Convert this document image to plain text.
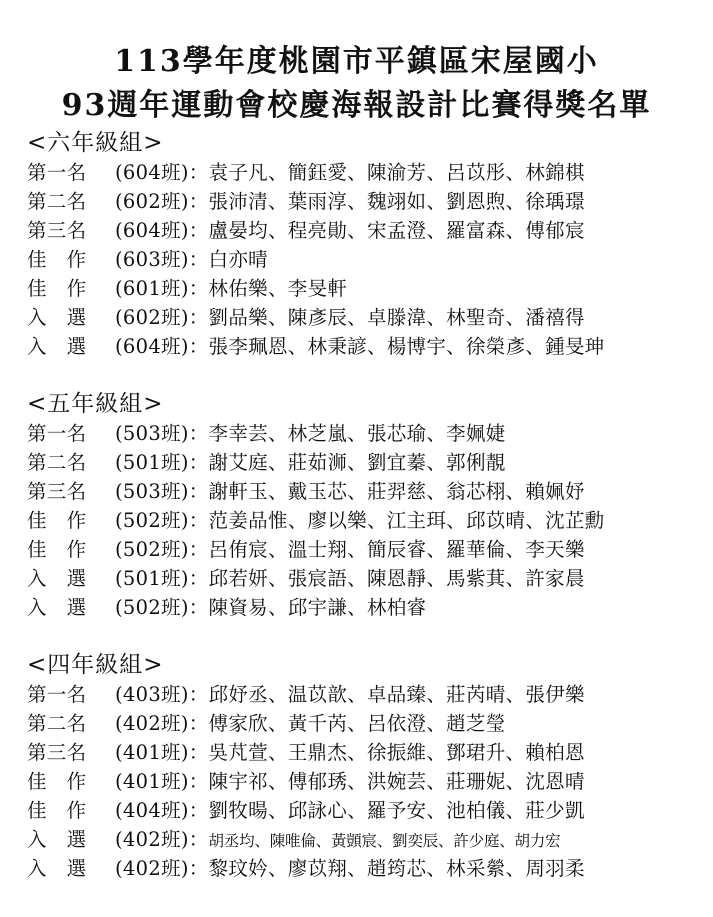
113學年度桃園市平鎮區宋屋國小
93週年運動會校慶海報設計比賽得獎名單
<六年級組>
第一名 (604班)：袁子凡、簡鈺愛、陳渝芳、呂苡彤、林錦棋
第二名 (602班)：張沛清、葉雨淳、魏翊如、劉恩煦、徐瑀璟
第三名 (604班)：盧晏均、程亮勛、宋孟澄、羅富森、傅郁宸
佳　作 (603班)：白亦晴
佳　作 (601班)：林佑樂、李旻軒
入　選 (602班)：劉品樂、陳彥辰、卓滕湋、林聖奇、潘禧得
入　選 (604班)：張李珮恩、林秉諺、楊博宇、徐榮彥、鍾旻珅
<五年級組>
第一名 (503班)：李幸芸、林芝嵐、張芯瑜、李姵婕
第二名 (501班)：謝艾庭、莊茹浉、劉宜蓁、郭俐靚
第三名 (503班)：謝軒玉、戴玉芯、莊羿慈、翁芯栩、賴姵妤
佳　作 (502班)：范姜品惟、廖以樂、江主珥、邱苡晴、沈芷勳
佳　作 (502班)：呂侑宸、溫士翔、簡辰睿、羅華倫、李天樂
入　選 (501班)：邱若妍、張宸語、陳恩靜、馬紫萁、許家晨
入　選 (502班)：陳資易、邱宇謙、林柏睿
<四年級組>
第一名 (403班)：邱妤丞、温苡歆、卓品臻、莊芮晴、張伊樂
第二名 (402班)：傅家欣、黃千芮、呂依澄、趙芝瑩
第三名 (401班)：吳芃萱、王鼎杰、徐振維、鄧珺升、賴柏恩
佳　作 (401班)：陳宇祁、傅郁琇、洪婉芸、莊珊妮、沈恩晴
佳　作 (404班)：劉牧暘、邱詠心、羅予安、池柏儀、莊少凱
入　選 (402班)：胡丞均、陳唯倫、黃顗宸、劉奕辰、許少庭、胡力宏
入　選 (402班)：黎玟妗、廖苡翔、趙筠芯、林采縈、周羽柔
